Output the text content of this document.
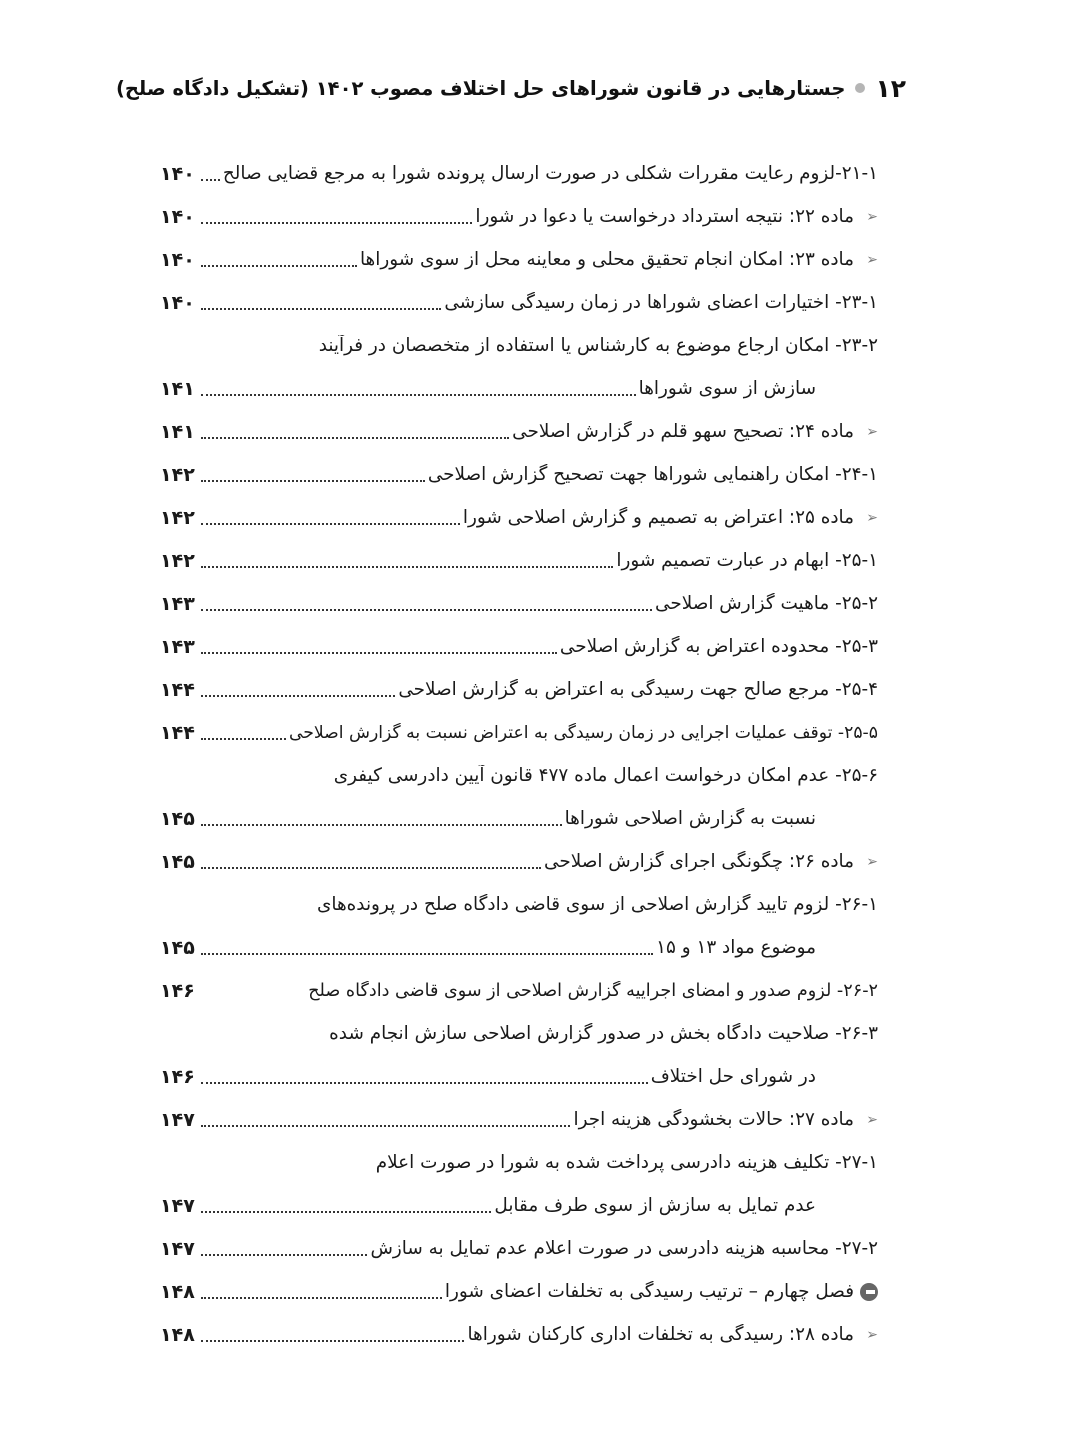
۱۲
جستارهایی در قانون شوراهای حل اختلاف مصوب ۱۴۰۲ (تشکیل دادگاه صلح)
۲۱-۱-لزوم رعایت مقررات شکلی در صورت ارسال پرونده شورا به مرجع قضایی صالح
۱۴۰
➢
ماده ۲۲: نتیجه استرداد درخواست یا دعوا در شورا
۱۴۰
➢
ماده ۲۳: امکان انجام تحقیق محلی و معاینه محل از سوی شوراها
۱۴۰
۲۳-۱- اختیارات اعضای شوراها در زمان رسیدگی سازشی
۱۴۰
۲۳-۲- امکان ارجاع موضوع به کارشناس یا استفاده از متخصصان در فرآیند
سازش از سوی شوراها
۱۴۱
➢
ماده ۲۴: تصحیح سهو قلم در گزارش اصلاحی
۱۴۱
۲۴-۱- امکان راهنمایی شوراها جهت تصحیح گزارش اصلاحی
۱۴۲
➢
ماده ۲۵: اعتراض به تصمیم و گزارش اصلاحی شورا
۱۴۲
۲۵-۱- ابهام در عبارت تصمیم شورا
۱۴۲
۲۵-۲- ماهیت گزارش اصلاحی
۱۴۳
۲۵-۳- محدوده اعتراض به گزارش اصلاحی
۱۴۳
۲۵-۴- مرجع صالح جهت رسیدگی به اعتراض به گزارش اصلاحی
۱۴۴
۲۵-۵- توقف عملیات اجرایی در زمان رسیدگی به اعتراض نسبت به گزارش اصلاحی
۱۴۴
۲۵-۶- عدم امکان درخواست اعمال ماده ۴۷۷ قانون آیین دادرسی کیفری
نسبت به گزارش اصلاحی شوراها
۱۴۵
➢
ماده ۲۶: چگونگی اجرای گزارش اصلاحی
۱۴۵
۲۶-۱- لزوم تایید گزارش اصلاحی از سوی قاضی دادگاه صلح در پرونده‌های
موضوع مواد ۱۳ و ۱۵
۱۴۵
۲۶-۲- لزوم صدور و امضای اجراییه گزارش اصلاحی از سوی قاضی دادگاه صلح
۱۴۶
۲۶-۳- صلاحیت دادگاه بخش در صدور گزارش اصلاحی سازش انجام شده
در شورای حل اختلاف
۱۴۶
➢
ماده ۲۷: حالات بخشودگی هزینه اجرا
۱۴۷
۲۷-۱- تکلیف هزینه دادرسی پرداخت شده به شورا در صورت اعلام
عدم تمایل به سازش از سوی طرف مقابل
۱۴۷
۲۷-۲- محاسبه هزینه دادرسی در صورت اعلام عدم تمایل به سازش
۱۴۷
فصل چهارم – ترتیب رسیدگی به تخلفات اعضای شورا
۱۴۸
➢
ماده ۲۸: رسیدگی به تخلفات اداری کارکنان شوراها
۱۴۸
